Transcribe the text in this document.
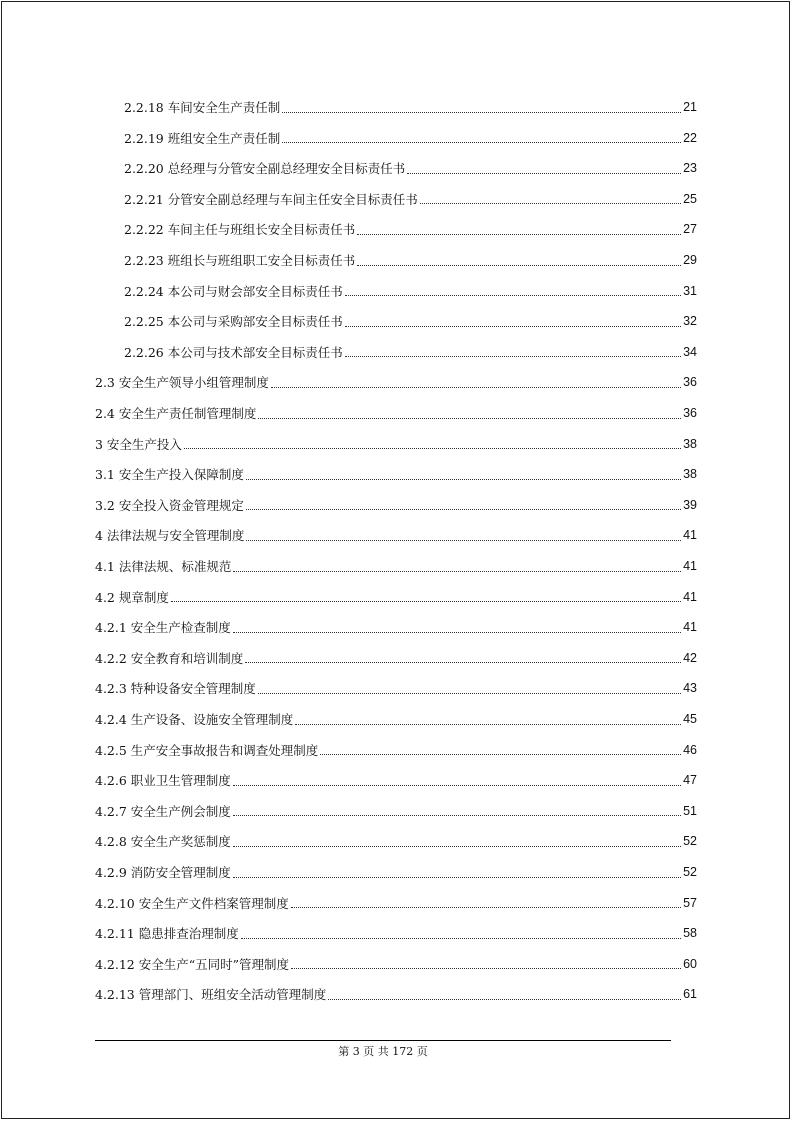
2.2.18 车间安全生产责任制	21
2.2.19 班组安全生产责任制	22
2.2.20 总经理与分管安全副总经理安全目标责任书	23
2.2.21 分管安全副总经理与车间主任安全目标责任书	25
2.2.22 车间主任与班组长安全目标责任书	27
2.2.23 班组长与班组职工安全目标责任书	29
2.2.24 本公司与财会部安全目标责任书	31
2.2.25 本公司与采购部安全目标责任书	32
2.2.26 本公司与技术部安全目标责任书	34
2.3 安全生产领导小组管理制度	36
2.4 安全生产责任制管理制度	36
3 安全生产投入	38
3.1 安全生产投入保障制度	38
3.2 安全投入资金管理规定	39
4 法律法规与安全管理制度	41
4.1 法律法规、标准规范	41
4.2 规章制度	41
4.2.1 安全生产检查制度	41
4.2.2 安全教育和培训制度	42
4.2.3 特种设备安全管理制度	43
4.2.4 生产设备、设施安全管理制度	45
4.2.5 生产安全事故报告和调查处理制度	46
4.2.6 职业卫生管理制度	47
4.2.7 安全生产例会制度	51
4.2.8 安全生产奖惩制度	52
4.2.9 消防安全管理制度	52
4.2.10 安全生产文件档案管理制度	57
4.2.11 隐患排查治理制度	58
4.2.12 安全生产“五同时”管理制度	60
4.2.13 管理部门、班组安全活动管理制度	61
第 3 页 共 172 页
